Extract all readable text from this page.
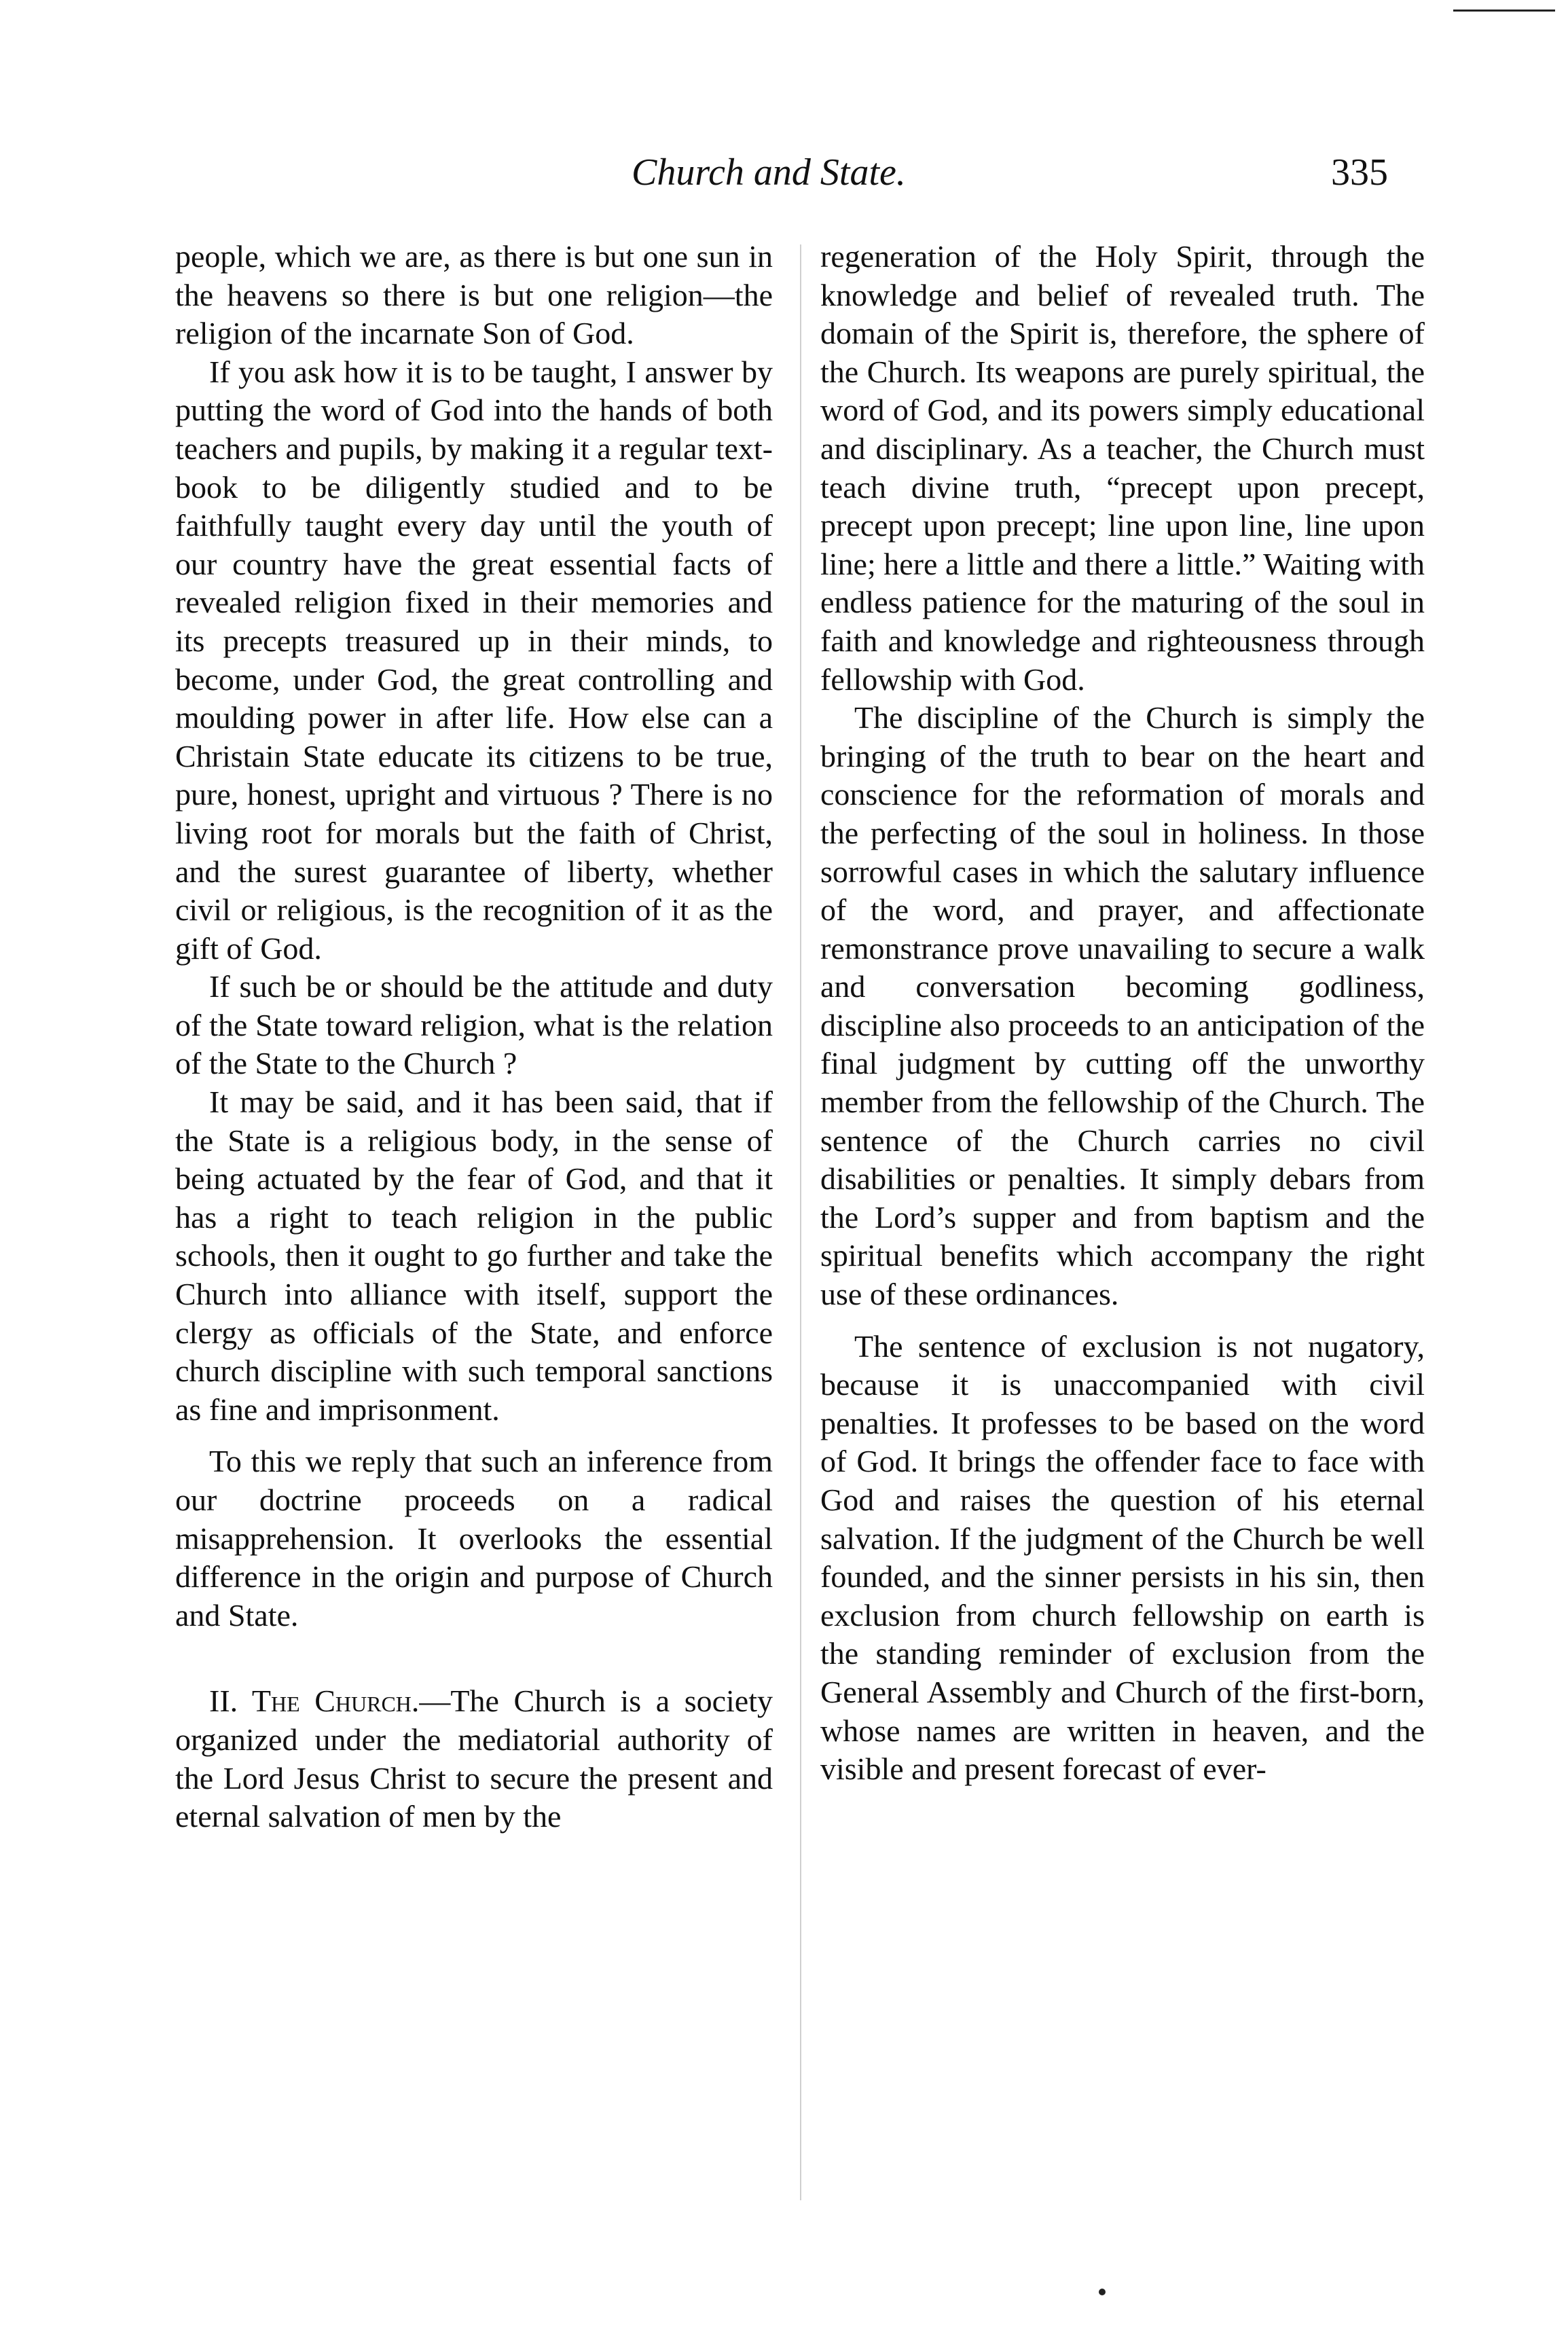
Church and State.	335

people, which we are, as there is but one sun in the heavens so there is but one religion—the religion of the incarnate Son of God.

If you ask how it is to be taught, I answer by putting the word of God into the hands of both teachers and pupils, by making it a regular text-book to be diligently studied and to be faithfully taught every day until the youth of our country have the great essential facts of revealed religion fixed in their memories and its precepts treasured up in their minds, to become, under God, the great controlling and moulding power in after life. How else can a Christain State educate its citizens to be true, pure, honest, upright and virtuous ? There is no living root for morals but the faith of Christ, and the surest guarantee of liberty, whether civil or religious, is the recognition of it as the gift of God.

If such be or should be the attitude and duty of the State toward religion, what is the relation of the State to the Church ?

It may be said, and it has been said, that if the State is a religious body, in the sense of being actuated by the fear of God, and that it has a right to teach religion in the public schools, then it ought to go further and take the Church into alliance with itself, support the clergy as officials of the State, and enforce church discipline with such temporal sanctions as fine and imprisonment.

To this we reply that such an inference from our doctrine proceeds on a radical misapprehension. It overlooks the essential difference in the origin and purpose of Church and State.

II. The Church.—The Church is a society organized under the mediatorial authority of the Lord Jesus Christ to secure the present and eternal salvation of men by the

regeneration of the Holy Spirit, through the knowledge and belief of revealed truth. The domain of the Spirit is, therefore, the sphere of the Church. Its weapons are purely spiritual, the word of God, and its powers simply educational and disciplinary. As a teacher, the Church must teach divine truth, “precept upon precept, precept upon precept; line upon line, line upon line; here a little and there a little.” Waiting with endless patience for the maturing of the soul in faith and knowledge and righteousness through fellowship with God.

The discipline of the Church is simply the bringing of the truth to bear on the heart and conscience for the reformation of morals and the perfecting of the soul in holiness. In those sorrowful cases in which the salutary influence of the word, and prayer, and affectionate remonstrance prove unavailing to secure a walk and conversation becoming godliness, discipline also proceeds to an anticipation of the final judgment by cutting off the unworthy member from the fellowship of the Church. The sentence of the Church carries no civil disabilities or penalties. It simply debars from the Lord’s supper and from baptism and the spiritual benefits which accompany the right use of these ordinances.

The sentence of exclusion is not nugatory, because it is unaccompanied with civil penalties. It professes to be based on the word of God. It brings the offender face to face with God and raises the question of his eternal salvation. If the judgment of the Church be well founded, and the sinner persists in his sin, then exclusion from church fellowship on earth is the standing reminder of exclusion from the General Assembly and Church of the first-born, whose names are written in heaven, and the visible and present forecast of ever-
